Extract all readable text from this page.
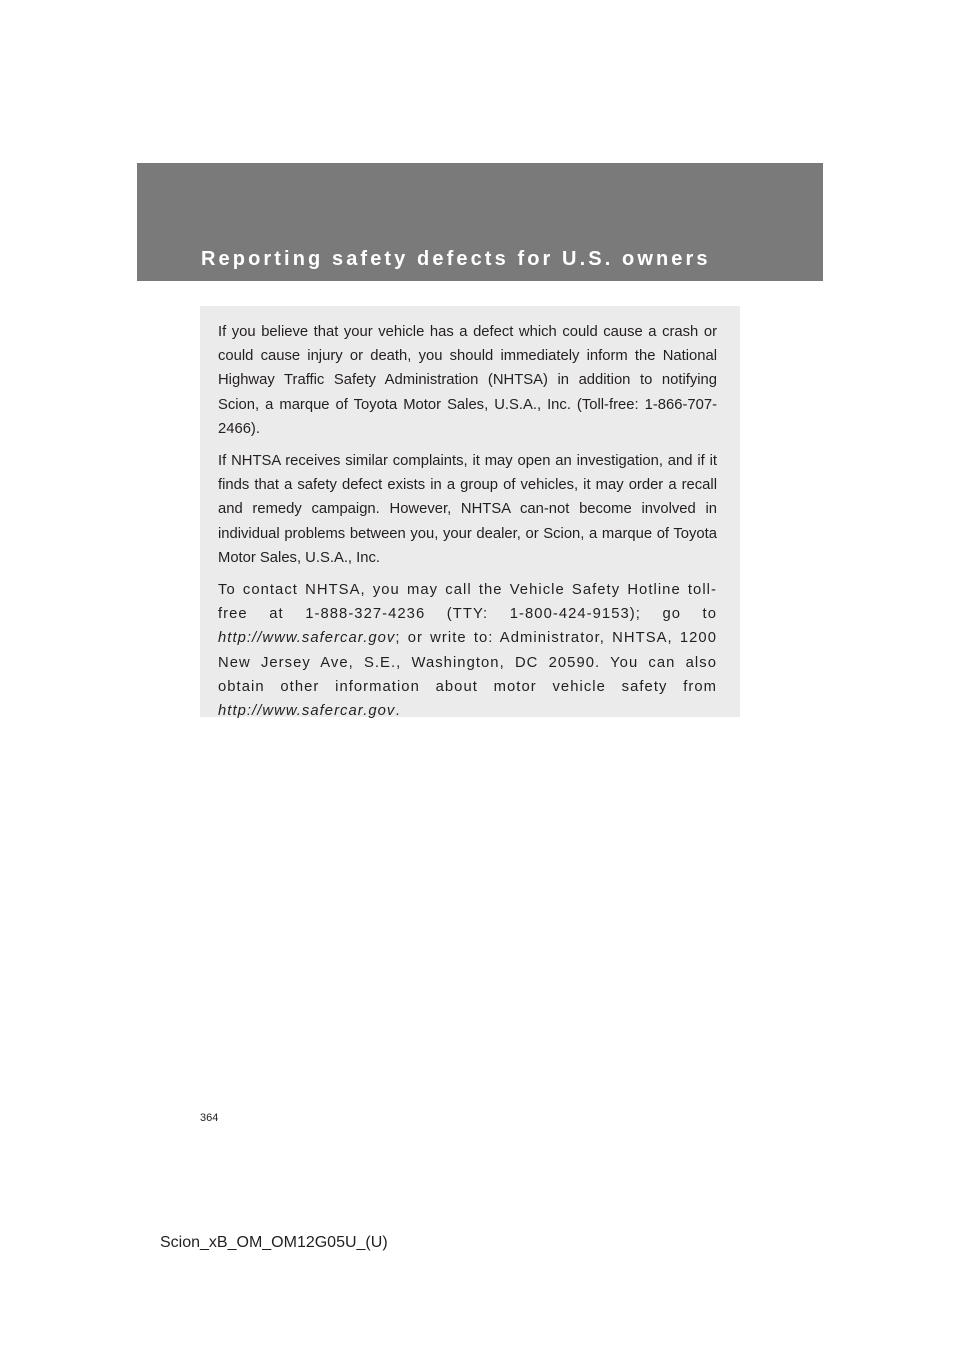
Reporting safety defects for U.S. owners

If you believe that your vehicle has a defect which could cause a crash or could cause injury or death, you should immediately inform the National Highway Traffic Safety Administration (NHTSA) in addition to notifying Scion, a marque of Toyota Motor Sales, U.S.A., Inc. (Toll-free: 1-866-707-2466).

If NHTSA receives similar complaints, it may open an investigation, and if it finds that a safety defect exists in a group of vehicles, it may order a recall and remedy campaign. However, NHTSA can-not become involved in individual problems between you, your dealer, or Scion, a marque of Toyota Motor Sales, U.S.A., Inc.

To contact NHTSA, you may call the Vehicle Safety Hotline toll-free at 1-888-327-4236 (TTY: 1-800-424-9153); go to http://www.safercar.gov; or write to: Administrator, NHTSA, 1200 New Jersey Ave, S.E., Washington, DC 20590. You can also obtain other information about motor vehicle safety from http://www.safercar.gov.

364
Scion_xB_OM_OM12G05U_(U)
